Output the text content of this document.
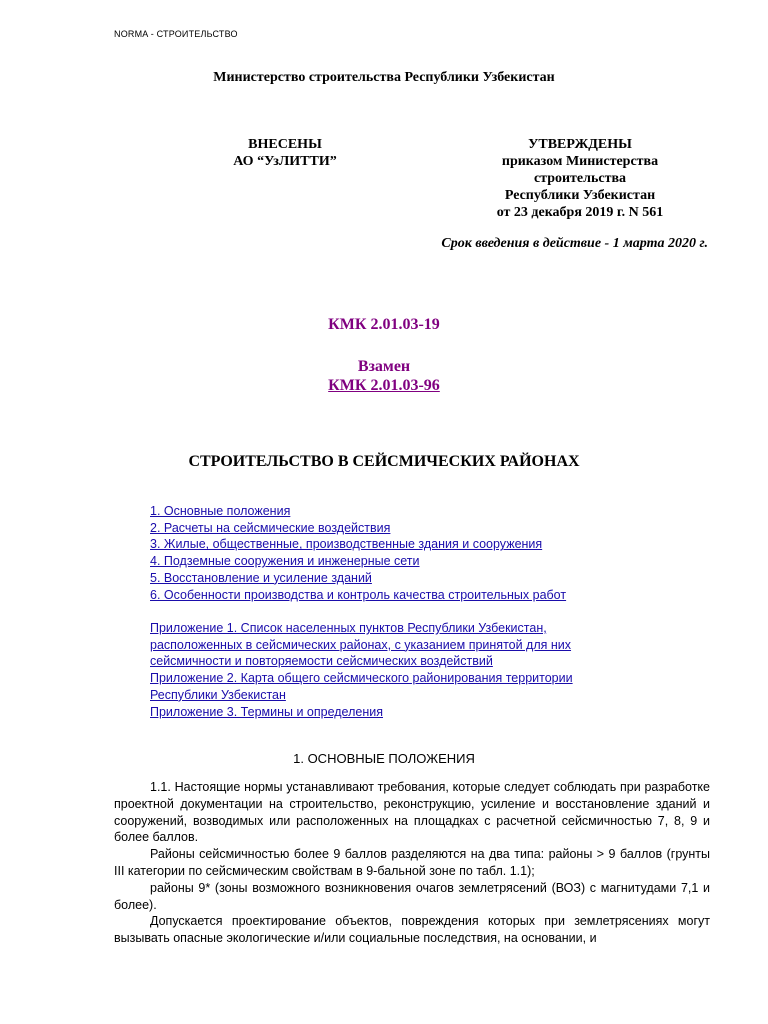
NORMA - СТРОИТЕЛЬСТВО
Министерство строительства Республики Узбекистан
ВНЕСЕНЫ
АО “УзЛИТТИ”
УТВЕРЖДЕНЫ
приказом Министерства
строительства
Республики Узбекистан
от 23 декабря 2019 г. N 561
Срок введения в действие - 1 марта 2020 г.
КМК 2.01.03-19
Взамен
КМК 2.01.03-96
СТРОИТЕЛЬСТВО В СЕЙСМИЧЕСКИХ РАЙОНАХ
1. Основные положения
2. Расчеты на сейсмические воздействия
3. Жилые, общественные, производственные здания и сооружения
4. Подземные сооружения и инженерные сети
5. Восстановление и усиление зданий
6. Особенности производства и контроль качества строительных работ
Приложение 1. Список населенных пунктов Республики Узбекистан,
расположенных в сейсмических районах, с указанием принятой для них
сейсмичности и повторяемости сейсмических воздействий
Приложение 2. Карта общего сейсмического районирования территории
Республики Узбекистан
Приложение 3. Термины и определения
1. ОСНОВНЫЕ ПОЛОЖЕНИЯ

1.1. Настоящие нормы устанавливают требования, которые следует соблюдать при разработке проектной документации на строительство, реконструкцию, усиление и восстановление зданий и сооружений, возводимых или расположенных на площадках с расчетной сейсмичностью 7, 8, 9 и более баллов.

Районы сейсмичностью более 9 баллов разделяются на два типа: районы > 9 баллов (грунты III категории по сейсмическим свойствам в 9-бальной зоне по табл. 1.1);

районы 9* (зоны возможного возникновения очагов землетрясений (ВОЗ) с магнитудами 7,1 и более).

Допускается проектирование объектов, повреждения которых при землетрясениях могут вызывать опасные экологические и/или социальные последствия, на основании, и
